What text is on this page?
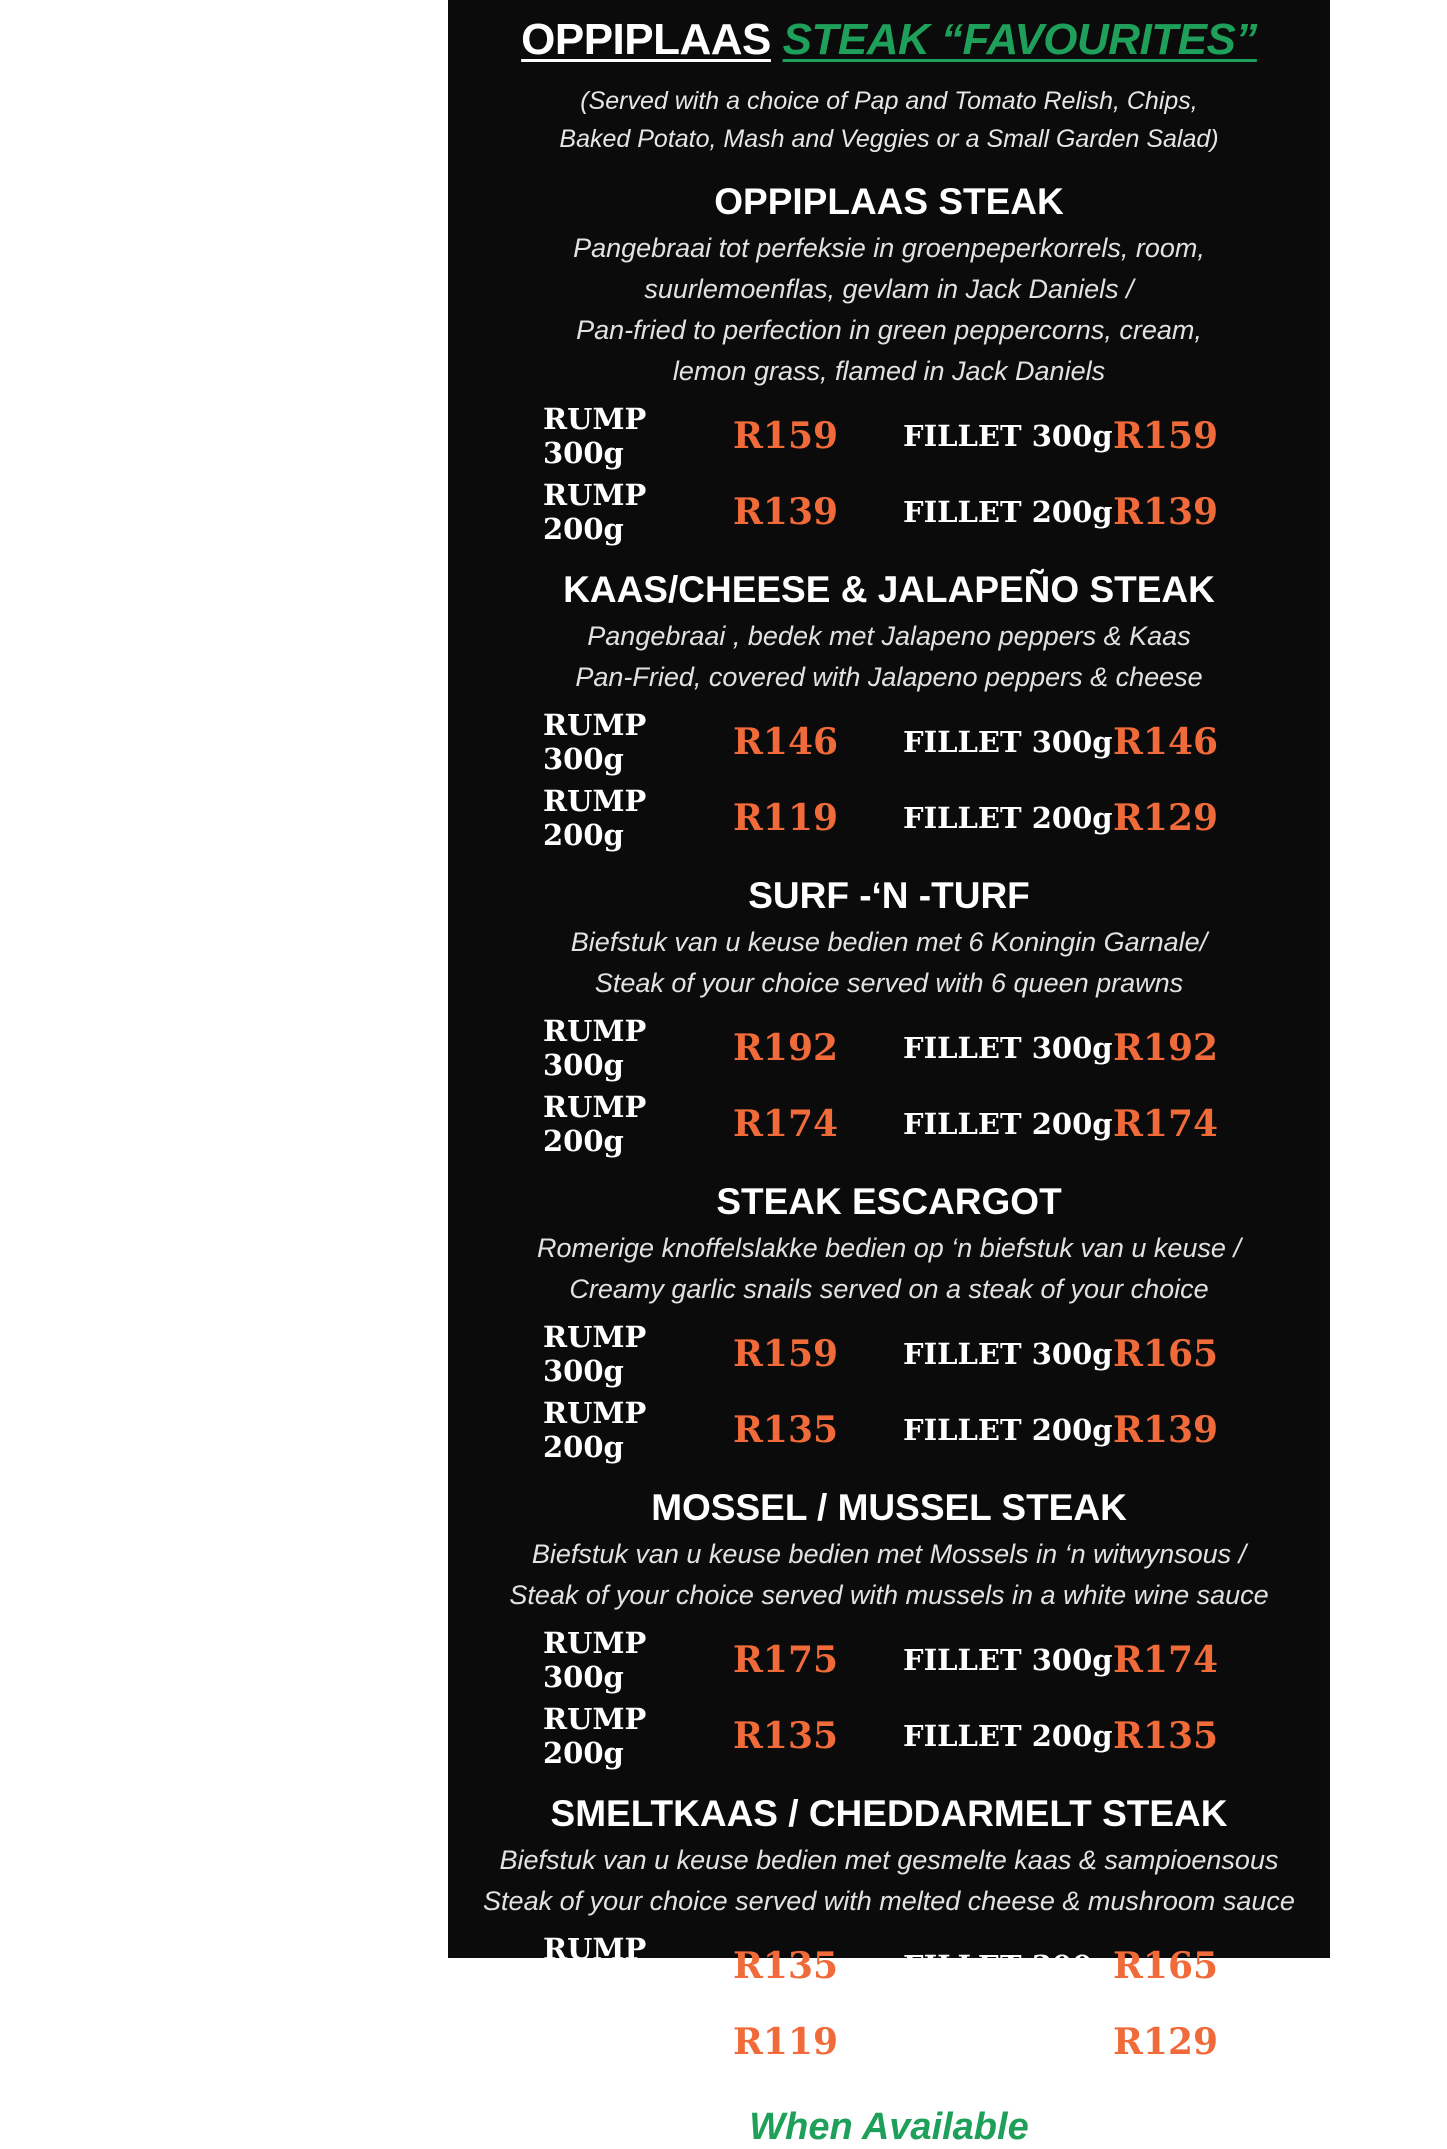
OPPIPLAAS STEAK “FAVOURITES”
(Served with a choice of Pap and Tomato Relish, Chips,
Baked Potato, Mash and Veggies or a Small Garden Salad)
OPPIPLAAS STEAK
Pangebraai tot perfeksie in groenpeperkorrels, room,
suurlemoenflas, gevlam in Jack Daniels /
Pan-fried to perfection in green peppercorns, cream,
lemon grass, flamed in Jack Daniels
RUMP 300g	R159	FILLET 300g R159
RUMP 200g	R139	FILLET 200g R139
KAAS/CHEESE & JALAPEÑO STEAK
Pangebraai , bedek met Jalapeno peppers & Kaas
Pan-Fried, covered with Jalapeno peppers & cheese
RUMP 300g	R146	FILLET 300g R146
RUMP 200g	R119	FILLET 200g R129
SURF -‘N -TURF
Biefstuk van u keuse bedien met 6 Koningin Garnale/
Steak of your choice served with 6 queen prawns
RUMP 300g	R192	FILLET 300g R192
RUMP 200g	R174	FILLET 200g R174
STEAK ESCARGOT
Romerige knoffelslakke bedien op ‘n biefstuk van u keuse /
Creamy garlic snails served on a steak of your choice
RUMP 300g	R159	FILLET 300g R165
RUMP 200g	R135	FILLET 200g R139
MOSSEL / MUSSEL STEAK
Biefstuk van u keuse bedien met Mossels in ‘n witwynsous /
Steak of your choice served with mussels in a white wine sauce
RUMP 300g	R175	FILLET 300g R174
RUMP 200g	R135	FILLET 200g R135
SMELTKAAS / CHEDDARMELT STEAK
Biefstuk van u keuse bedien met gesmelte kaas & sampioensous
Steak of your choice served with melted cheese & mushroom sauce
RUMP 300g	R135	FILLET 300g R165
RUMP 200g	R119	FILLET 200g R129
When Available
